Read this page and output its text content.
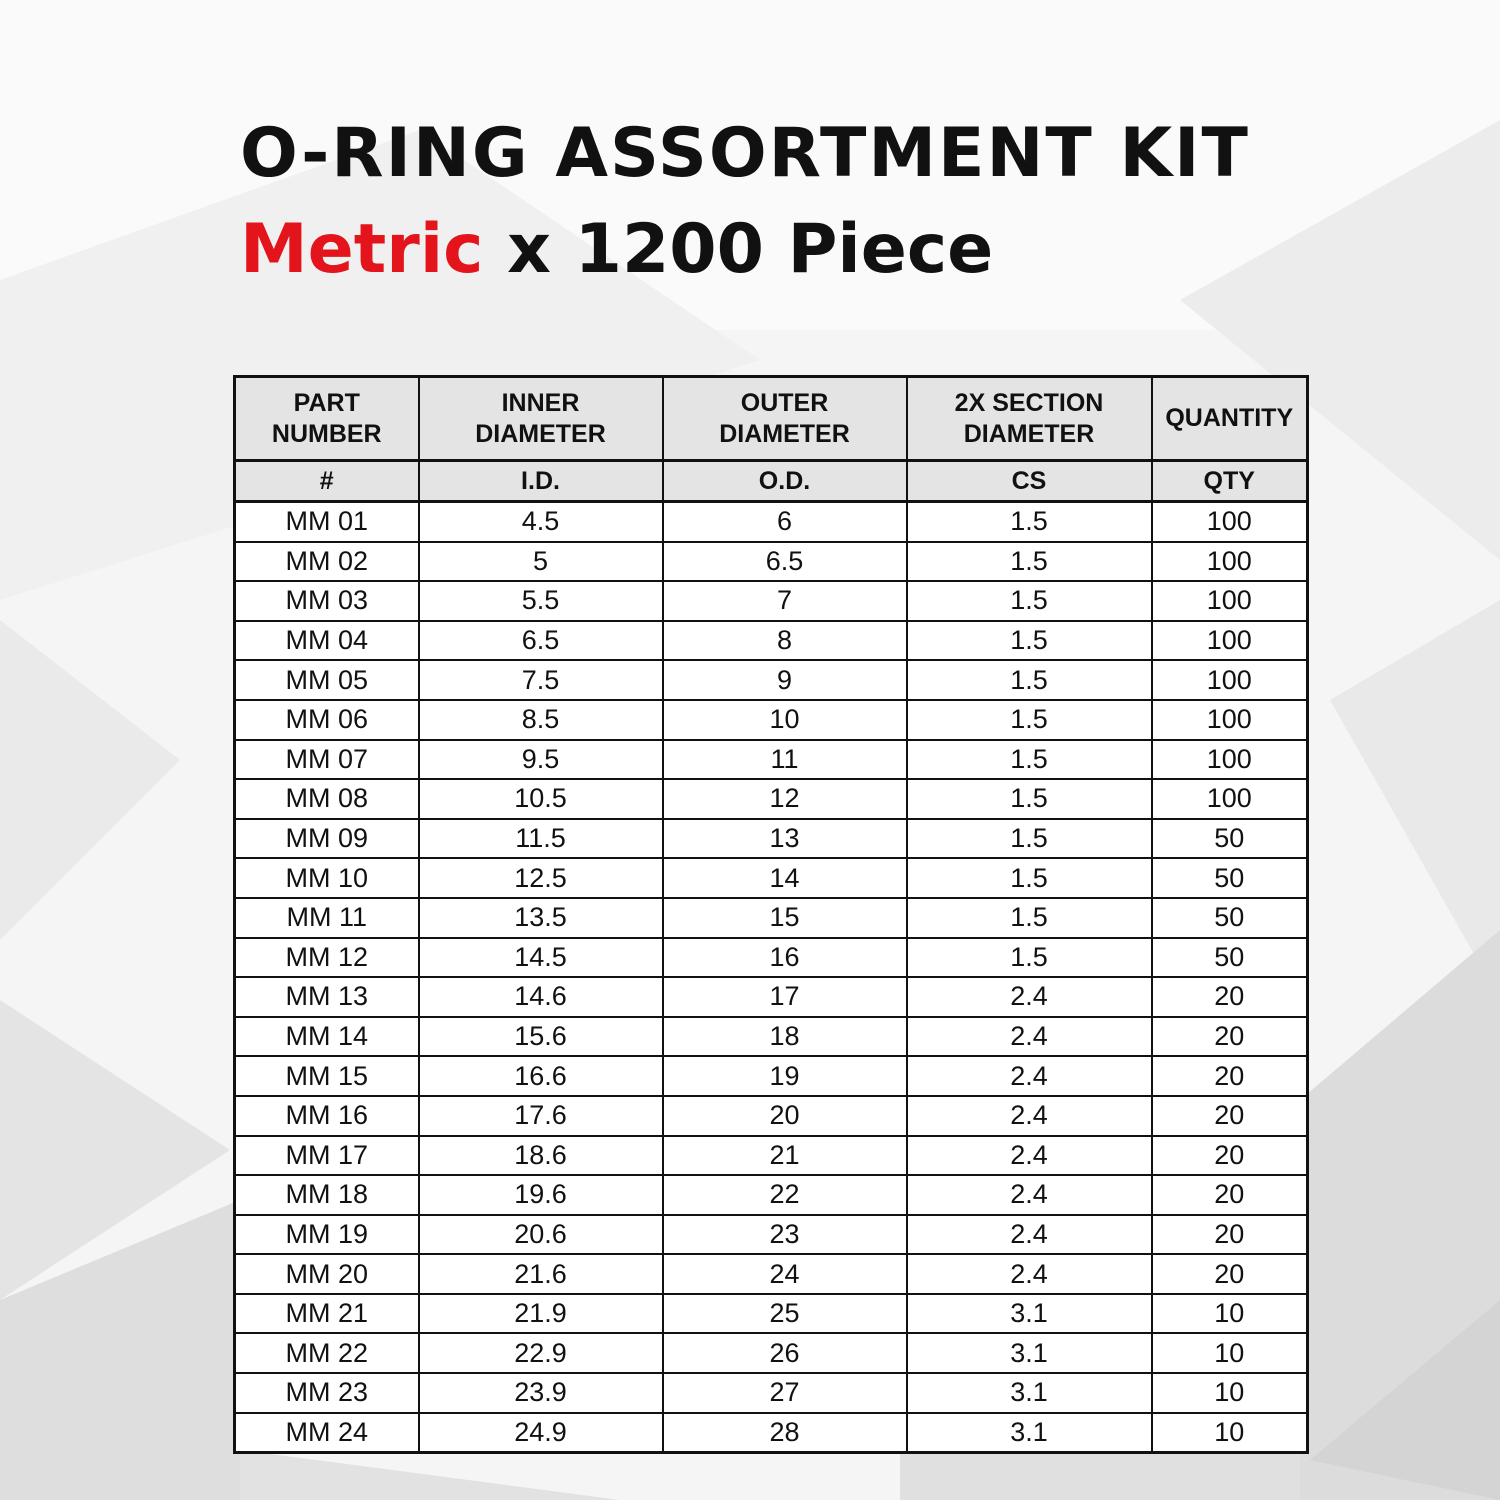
O-RING ASSORTMENT KIT
Metric x 1200 Piece
PART NUMBER	INNER DIAMETER	OUTER DIAMETER	2X SECTION DIAMETER	QUANTITY
#	I.D.	O.D.	CS	QTY
MM 01	4.5	6	1.5	100
MM 02	5	6.5	1.5	100
MM 03	5.5	7	1.5	100
MM 04	6.5	8	1.5	100
MM 05	7.5	9	1.5	100
MM 06	8.5	10	1.5	100
MM 07	9.5	11	1.5	100
MM 08	10.5	12	1.5	100
MM 09	11.5	13	1.5	50
MM 10	12.5	14	1.5	50
MM 11	13.5	15	1.5	50
MM 12	14.5	16	1.5	50
MM 13	14.6	17	2.4	20
MM 14	15.6	18	2.4	20
MM 15	16.6	19	2.4	20
MM 16	17.6	20	2.4	20
MM 17	18.6	21	2.4	20
MM 18	19.6	22	2.4	20
MM 19	20.6	23	2.4	20
MM 20	21.6	24	2.4	20
MM 21	21.9	25	3.1	10
MM 22	22.9	26	3.1	10
MM 23	23.9	27	3.1	10
MM 24	24.9	28	3.1	10
